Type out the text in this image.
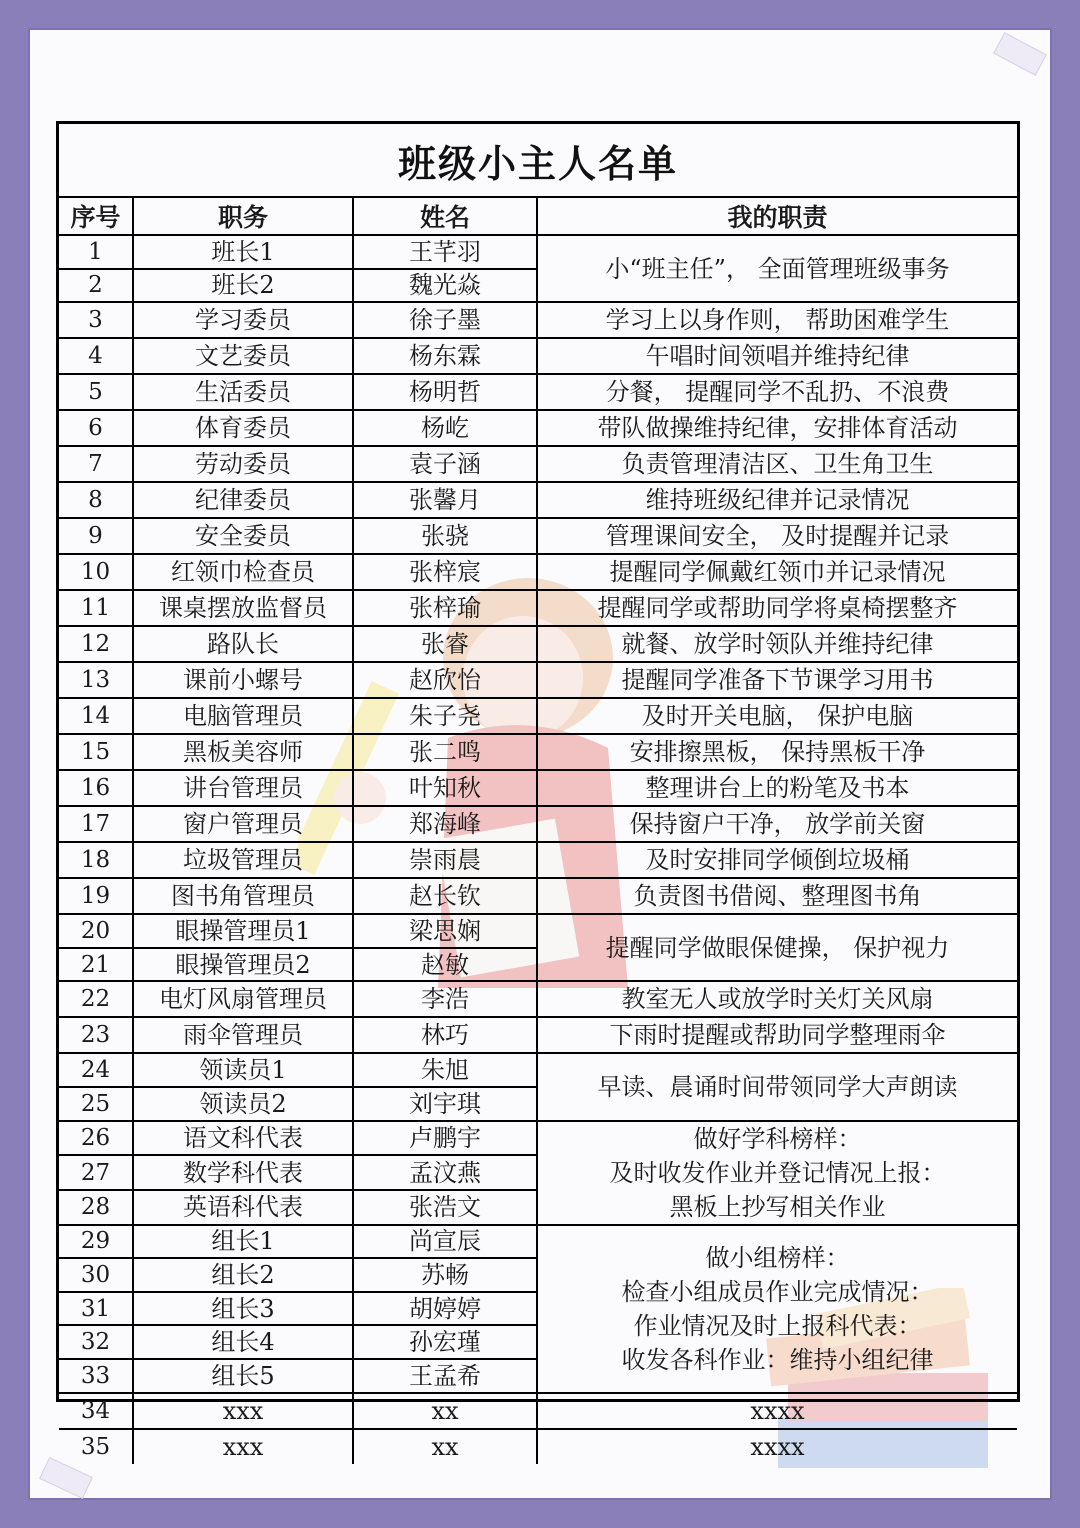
班级小主人名单
序号	职务	姓名	我的职责
1	班长1	王芊羽	小“班主任”， 全面管理班级事务

2	班长2	魏光焱	
3	学习委员	徐子墨	学习上以身作则， 帮助困难学生

4	文艺委员	杨东霖	午唱时间领唱并维持纪律

5	生活委员	杨明哲	分餐， 提醒同学不乱扔、不浪费

6	体育委员	杨屹	带队做操维持纪律，安排体育活动

7	劳动委员	袁子涵	负责管理清洁区、卫生角卫生

8	纪律委员	张馨月	维持班级纪律并记录情况

9	安全委员	张骁	管理课间安全， 及时提醒并记录

10	红领巾检查员	张梓宸	提醒同学佩戴红领巾并记录情况

11	课桌摆放监督员	张梓瑜	提醒同学或帮助同学将桌椅摆整齐

12	路队长	张睿	就餐、放学时领队并维持纪律

13	课前小螺号	赵欣怡	提醒同学准备下节课学习用书

14	电脑管理员	朱子尧	及时开关电脑， 保护电脑

15	黑板美容师	张二鸣	安排擦黑板， 保持黑板干净

16	讲台管理员	叶知秋	整理讲台上的粉笔及书本

17	窗户管理员	郑海峰	保持窗户干净， 放学前关窗

18	垃圾管理员	崇雨晨	及时安排同学倾倒垃圾桶

19	图书角管理员	赵长钦	负责图书借阅、整理图书角

20	眼操管理员1	梁思娴	提醒同学做眼保健操， 保护视力

21	眼操管理员2	赵敏	
22	电灯风扇管理员	李浩	教室无人或放学时关灯关风扇

23	雨伞管理员	林巧	下雨时提醒或帮助同学整理雨伞

24	领读员1	朱旭	早读、晨诵时间带领同学大声朗读

25	领读员2	刘宇琪	
26	语文科代表	卢鹏宇	做好学科榜样：
及时收发作业并登记情况上报：
黑板上抄写相关作业

27	数学科代表	孟汶燕	
28	英语科代表	张浩文	
29	组长1	尚宣辰	做小组榜样：
检查小组成员作业完成情况：
作业情况及时上报科代表：
收发各科作业：维持小组纪律

30	组长2	苏畅	
31	组长3	胡婷婷	
32	组长4	孙宏瑾	
33	组长5	王孟希	
34	xxx	xx	xxxx

35	xxx	xx	xxxx
